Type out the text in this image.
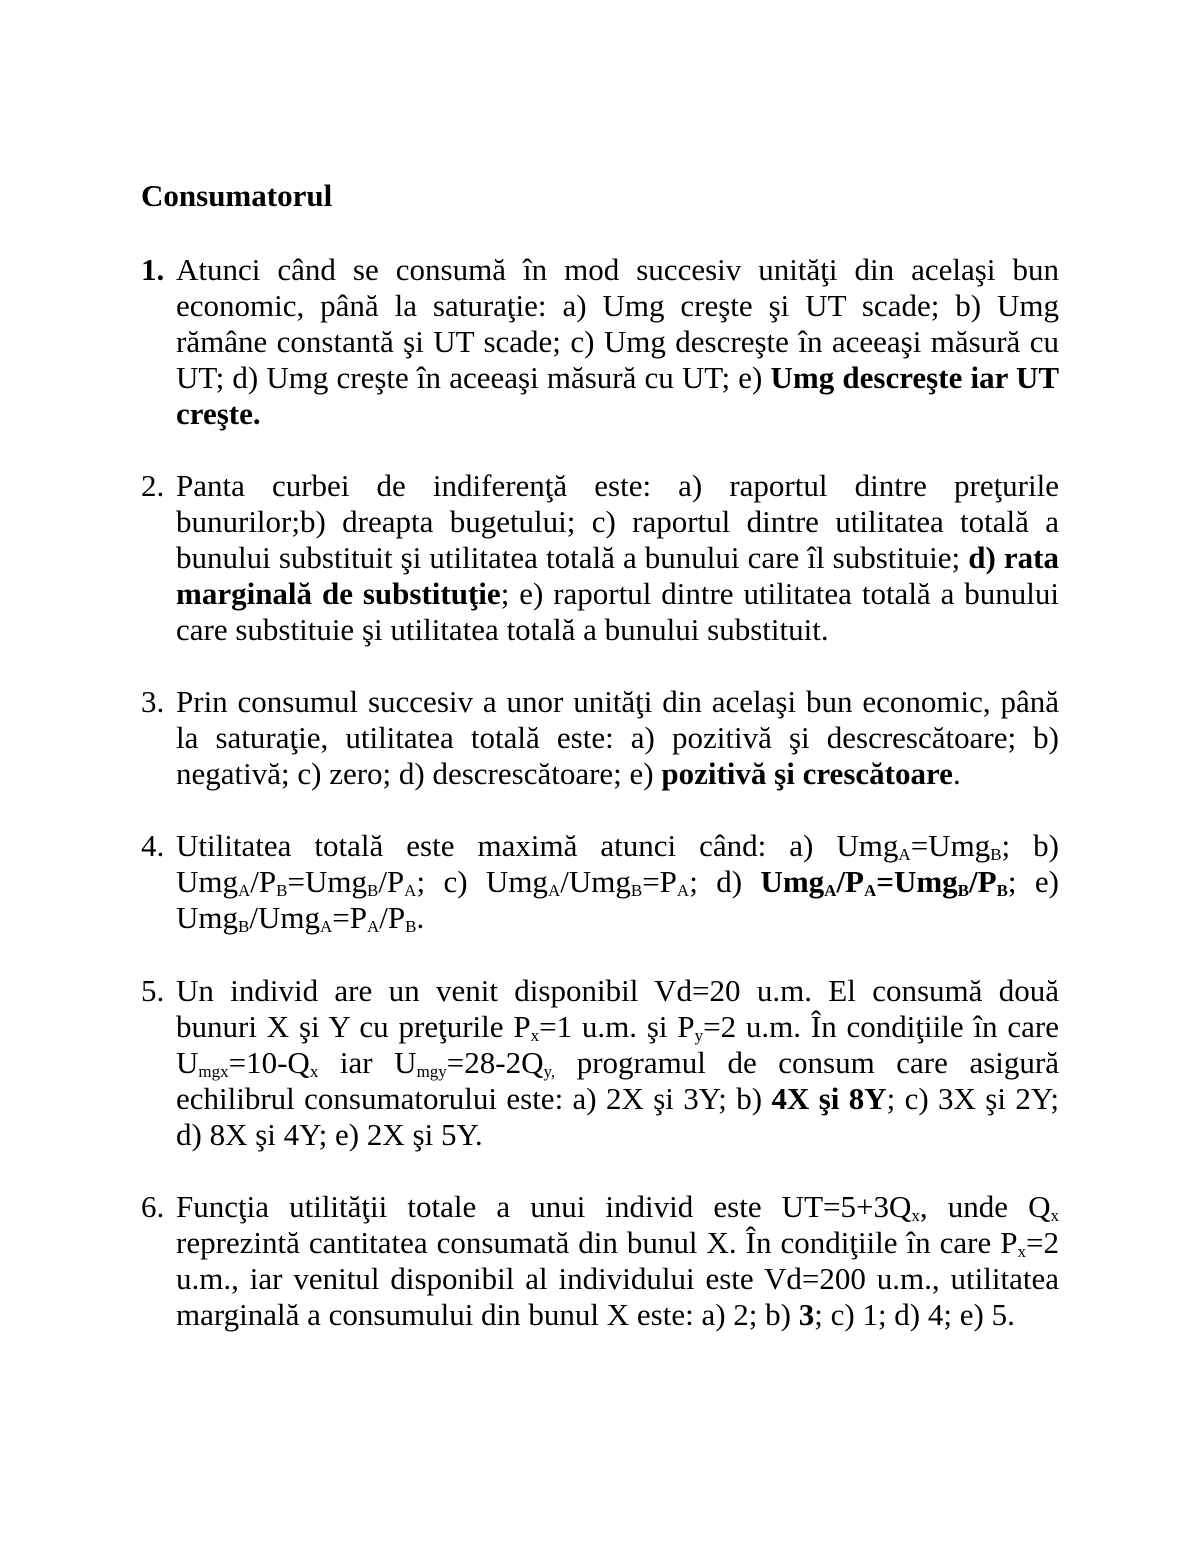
Consumatorul
1. Atunci când se consumă în mod succesiv unităţi din acelaşi bun economic, până la saturaţie: a) Umg creşte şi UT scade; b) Umg rămâne constantă şi UT scade; c) Umg descreşte în aceeaşi măsură cu UT; d) Umg creşte în aceeaşi măsură cu UT; e) Umg descreşte iar UT creşte.
2. Panta curbei de indiferenţă este: a) raportul dintre preţurile bunurilor;b) dreapta bugetului; c) raportul dintre utilitatea totală a bunului substituit şi utilitatea totală a bunului care îl substituie; d) rata marginală de substituţie; e) raportul dintre utilitatea totală a bunului care substituie şi utilitatea totală a bunului substituit.
3. Prin consumul succesiv a unor unităţi din acelaşi bun economic, până la saturaţie, utilitatea totală este: a) pozitivă şi descrescătoare; b) negativă; c) zero; d) descrescătoare; e) pozitivă şi crescătoare.
4. Utilitatea totală este maximă atunci când: a) Umg$_A$=Umg$_B$; b) $Umg_A/P_B=Umg_B/P_A$; c) $Umg_A/Umg_B=P_A$; d) $Umg_A/P_A=Umg_B/P_B$; e) $Umg_B/Umg_A=P_A/P_B$.
5. Un individ are un venit disponibil Vd=20 u.m. El consumă două bunuri X şi Y cu preţurile $P_x=1$ u.m. şi $P_y=2$ u.m. În condiţiile în care $U_{mgx}=10-Q_x$ iar $U_{mgy}=28-2Q_{y,}$ programul de consum care asigură echilibrul consumatorului este: a) 2X şi 3Y; b) 4X şi 8Y; c) 3X şi 2Y; d) 8X şi 4Y; e) 2X şi 5Y.
6. Funcţia utilităţii totale a unui individ este $UT=5+3Q_x$, unde $Q_x$ reprezintă cantitatea consumată din bunul X. În condiţiile în care $P_x=2$ u.m., iar venitul disponibil al individului este Vd=200 u.m., utilitatea marginală a consumului din bunul X este: a) 2; b) 3; c) 1; d) 4; e) 5.
